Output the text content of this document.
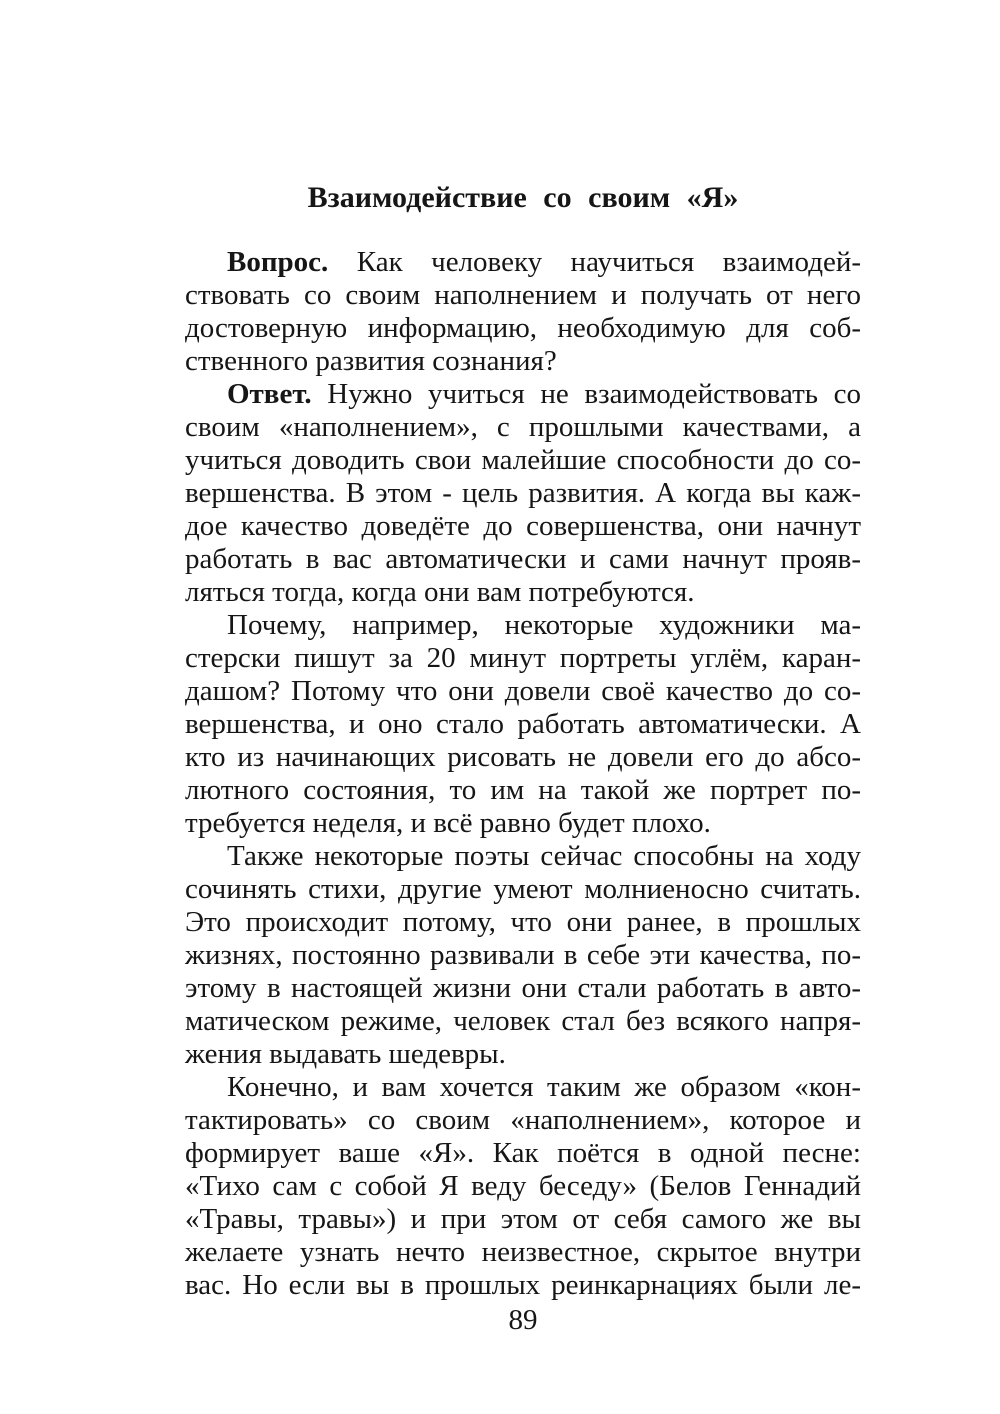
Взаимодействие со своим «Я»
Вопрос. Как человеку научиться взаимодей-
ствовать со своим наполнением и получать от него
достоверную информацию, необходимую для соб-
ственного развития сознания?
Ответ. Нужно учиться не взаимодействовать со
своим «наполнением», с прошлыми качествами, а
учиться доводить свои малейшие способности до со-
вершенства. В этом - цель развития. А когда вы каж-
дое качество доведёте до совершенства, они начнут
работать в вас автоматически и сами начнут прояв-
ляться тогда, когда они вам потребуются.
Почему, например, некоторые художники ма-
стерски пишут за 20 минут портреты углём, каран-
дашом? Потому что они довели своё качество до со-
вершенства, и оно стало работать автоматически. А
кто из начинающих рисовать не довели его до абсо-
лютного состояния, то им на такой же портрет по-
требуется неделя, и всё равно будет плохо.
Также некоторые поэты сейчас способны на ходу
сочинять стихи, другие умеют молниеносно считать.
Это происходит потому, что они ранее, в прошлых
жизнях, постоянно развивали в себе эти качества, по-
этому в настоящей жизни они стали работать в авто-
матическом режиме, человек стал без всякого напря-
жения выдавать шедевры.
Конечно, и вам хочется таким же образом «кон-
тактировать» со своим «наполнением», которое и
формирует ваше «Я». Как поётся в одной песне:
«Тихо сам с собой Я веду беседу» (Белов Геннадий
«Травы, травы») и при этом от себя самого же вы
желаете узнать нечто неизвестное, скрытое внутри
вас. Но если вы в прошлых реинкарнациях были ле-
89
